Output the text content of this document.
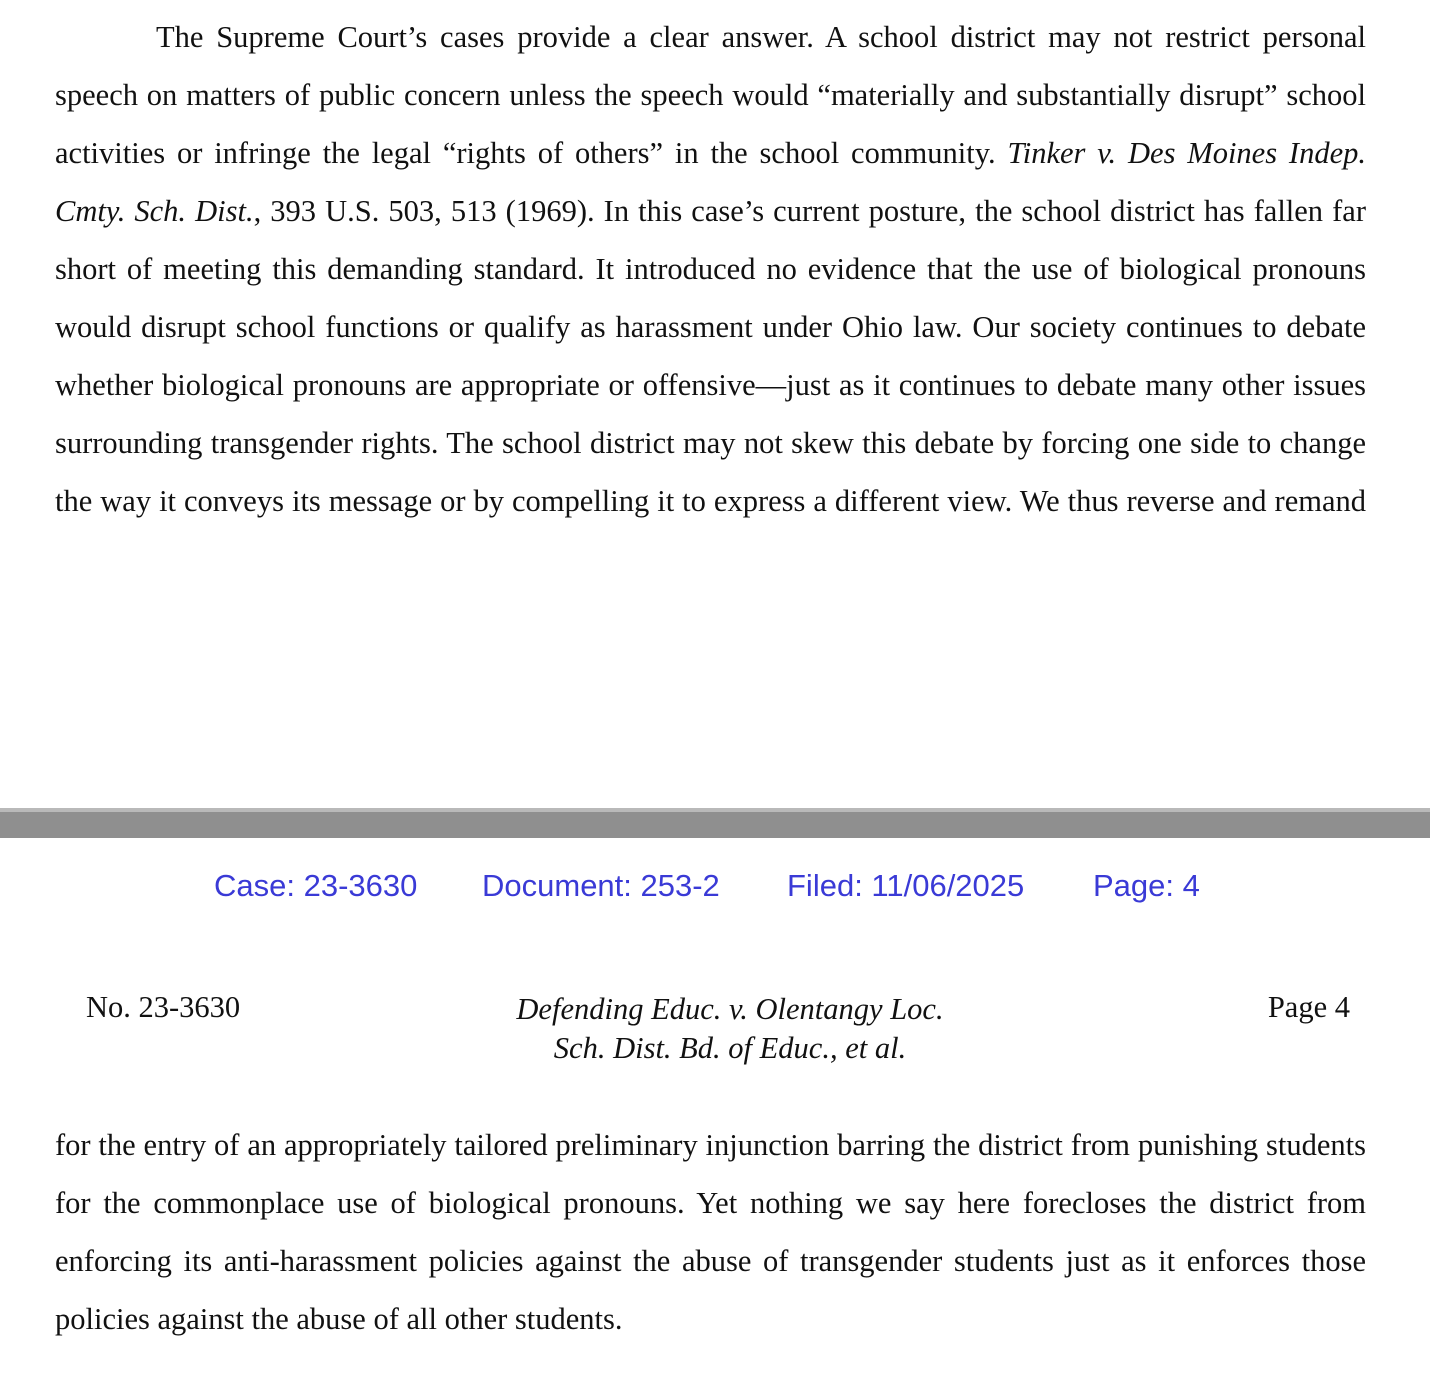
The Supreme Court’s cases provide a clear answer. A school district may not restrict personal speech on matters of public concern unless the speech would “materially and substantially disrupt” school activities or infringe the legal “rights of others” in the school community. Tinker v. Des Moines Indep. Cmty. Sch. Dist., 393 U.S. 503, 513 (1969). In this case’s current posture, the school district has fallen far short of meeting this demanding standard. It introduced no evidence that the use of biological pronouns would disrupt school functions or qualify as harassment under Ohio law. Our society continues to debate whether biological pronouns are appropriate or offensive—just as it continues to debate many other issues surrounding transgender rights. The school district may not skew this debate by forcing one side to change the way it conveys its message or by compelling it to express a different view. We thus reverse and remand

Case: 23-3630 Document: 253-2 Filed: 11/06/2025 Page: 4
No. 23-3630	Defending Educ. v. Olentangy Loc.
Sch. Dist. Bd. of Educ., et al.
Page 4

for the entry of an appropriately tailored preliminary injunction barring the district from punishing students for the commonplace use of biological pronouns. Yet nothing we say here forecloses the district from enforcing its anti-harassment policies against the abuse of transgender students just as it enforces those policies against the abuse of all other students.
